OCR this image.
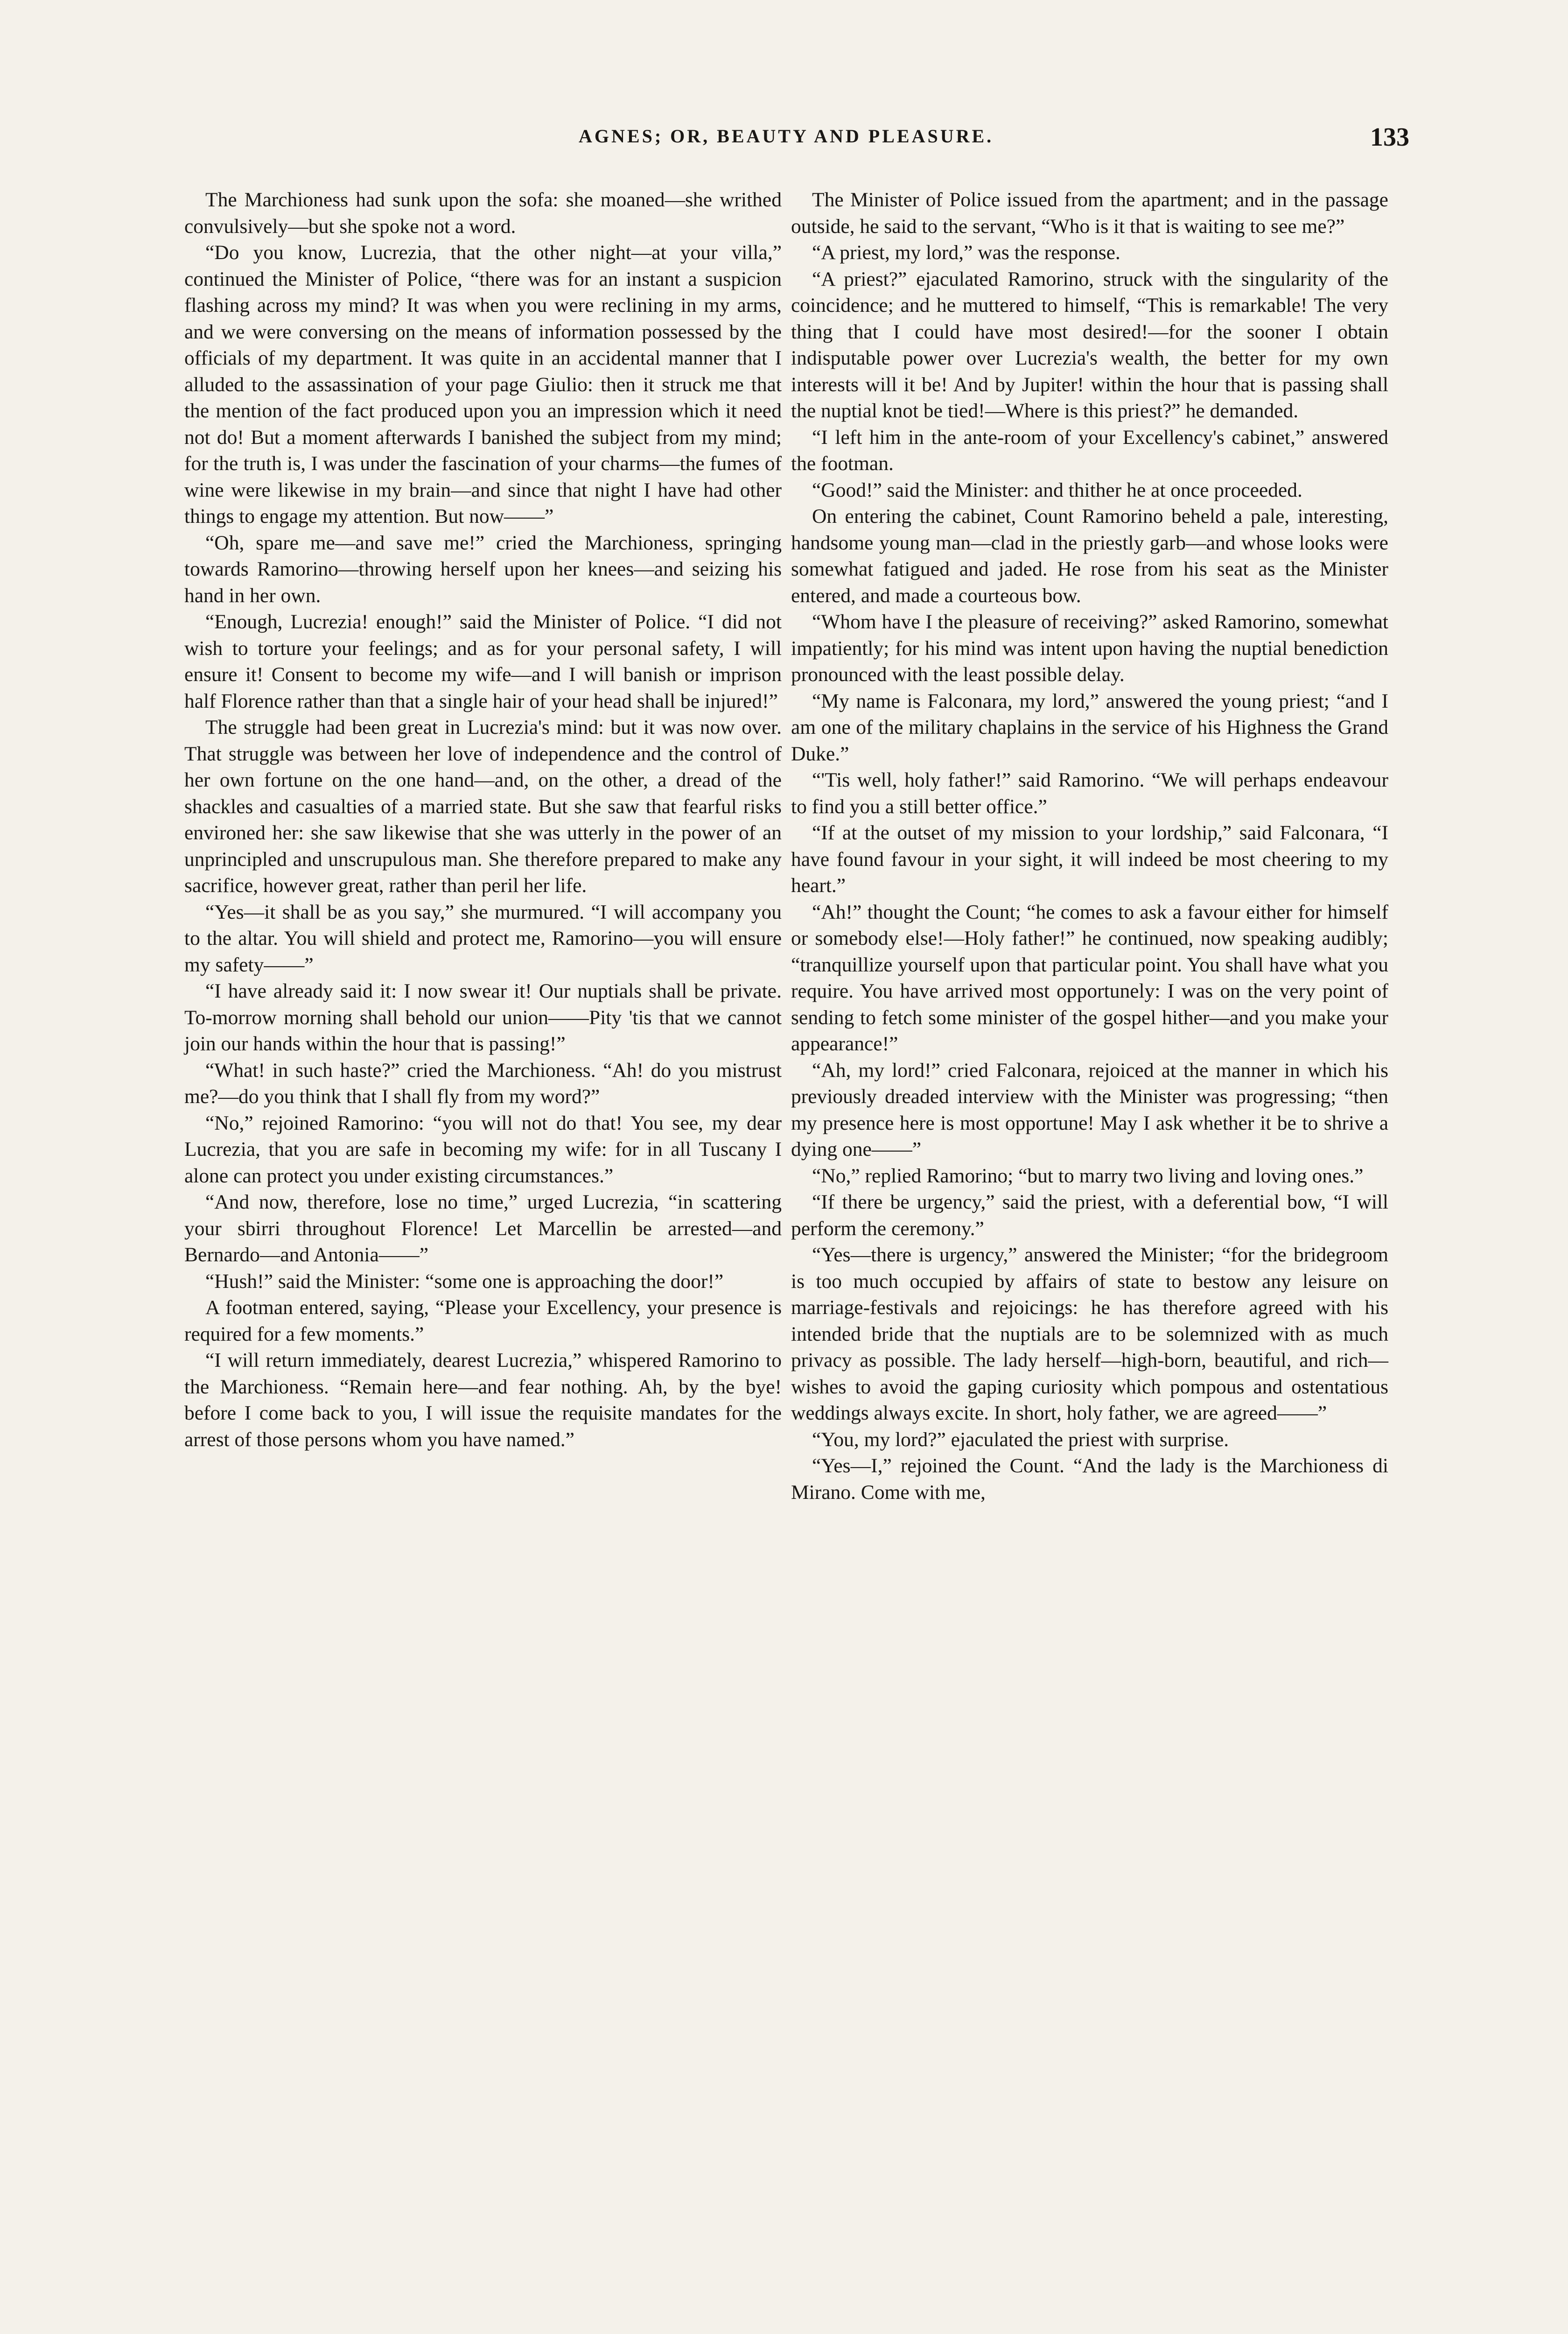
AGNES; OR, BEAUTY AND PLEASURE.	133

The Marchioness had sunk upon the sofa: she moaned—she writhed convulsively—but she spoke not a word.

“Do you know, Lucrezia, that the other night—at your villa,” continued the Minister of Police, “there was for an instant a suspicion flashing across my mind? It was when you were reclining in my arms, and we were conversing on the means of information possessed by the officials of my department. It was quite in an accidental manner that I alluded to the assassination of your page Giulio: then it struck me that the mention of the fact produced upon you an impression which it need not do! But a moment afterwards I banished the subject from my mind; for the truth is, I was under the fascination of your charms—the fumes of wine were likewise in my brain—and since that night I have had other things to engage my attention. But now——”

“Oh, spare me—and save me!” cried the Marchioness, springing towards Ramorino—throwing herself upon her knees—and seizing his hand in her own.

“Enough, Lucrezia! enough!” said the Minister of Police. “I did not wish to torture your feelings; and as for your personal safety, I will ensure it! Consent to become my wife—and I will banish or imprison half Florence rather than that a single hair of your head shall be injured!”

The struggle had been great in Lucrezia's mind: but it was now over. That struggle was between her love of independence and the control of her own fortune on the one hand—and, on the other, a dread of the shackles and casualties of a married state. But she saw that fearful risks environed her: she saw likewise that she was utterly in the power of an unprincipled and unscrupulous man. She therefore prepared to make any sacrifice, however great, rather than peril her life.

“Yes—it shall be as you say,” she murmured. “I will accompany you to the altar. You will shield and protect me, Ramorino—you will ensure my safety——”

“I have already said it: I now swear it! Our nuptials shall be private. To-morrow morning shall behold our union——Pity 'tis that we cannot join our hands within the hour that is passing!”

“What! in such haste?” cried the Marchioness. “Ah! do you mistrust me?—do you think that I shall fly from my word?”

“No,” rejoined Ramorino: “you will not do that! You see, my dear Lucrezia, that you are safe in becoming my wife: for in all Tuscany I alone can protect you under existing circumstances.”

“And now, therefore, lose no time,” urged Lucrezia, “in scattering your sbirri throughout Florence! Let Marcellin be arrested—and Bernardo—and Antonia——”

“Hush!” said the Minister: “some one is approaching the door!”

A footman entered, saying, “Please your Excellency, your presence is required for a few moments.”

“I will return immediately, dearest Lucrezia,” whispered Ramorino to the Marchioness. “Remain here—and fear nothing. Ah, by the bye! before I come back to you, I will issue the requisite mandates for the arrest of those persons whom you have named.”

The Minister of Police issued from the apartment; and in the passage outside, he said to the servant, “Who is it that is waiting to see me?”

“A priest, my lord,” was the response.

“A priest?” ejaculated Ramorino, struck with the singularity of the coincidence; and he muttered to himself, “This is remarkable! The very thing that I could have most desired!—for the sooner I obtain indisputable power over Lucrezia's wealth, the better for my own interests will it be! And by Jupiter! within the hour that is passing shall the nuptial knot be tied!—Where is this priest?” he demanded.

“I left him in the ante-room of your Excellency's cabinet,” answered the footman.

“Good!” said the Minister: and thither he at once proceeded.

On entering the cabinet, Count Ramorino beheld a pale, interesting, handsome young man—clad in the priestly garb—and whose looks were somewhat fatigued and jaded. He rose from his seat as the Minister entered, and made a courteous bow.

“Whom have I the pleasure of receiving?” asked Ramorino, somewhat impatiently; for his mind was intent upon having the nuptial benediction pronounced with the least possible delay.

“My name is Falconara, my lord,” answered the young priest; “and I am one of the military chaplains in the service of his Highness the Grand Duke.”

“'Tis well, holy father!” said Ramorino. “We will perhaps endeavour to find you a still better office.”

“If at the outset of my mission to your lordship,” said Falconara, “I have found favour in your sight, it will indeed be most cheering to my heart.”

“Ah!” thought the Count; “he comes to ask a favour either for himself or somebody else!—Holy father!” he continued, now speaking audibly; “tranquillize yourself upon that particular point. You shall have what you require. You have arrived most opportunely: I was on the very point of sending to fetch some minister of the gospel hither—and you make your appearance!”

“Ah, my lord!” cried Falconara, rejoiced at the manner in which his previously dreaded interview with the Minister was progressing; “then my presence here is most opportune! May I ask whether it be to shrive a dying one——”

“No,” replied Ramorino; “but to marry two living and loving ones.”

“If there be urgency,” said the priest, with a deferential bow, “I will perform the ceremony.”

“Yes—there is urgency,” answered the Minister; “for the bridegroom is too much occupied by affairs of state to bestow any leisure on marriage-festivals and rejoicings: he has therefore agreed with his intended bride that the nuptials are to be solemnized with as much privacy as possible. The lady herself—high-born, beautiful, and rich—wishes to avoid the gaping curiosity which pompous and ostentatious weddings always excite. In short, holy father, we are agreed——”

“You, my lord?” ejaculated the priest with surprise.

“Yes—I,” rejoined the Count. “And the lady is the Marchioness di Mirano. Come with me,
